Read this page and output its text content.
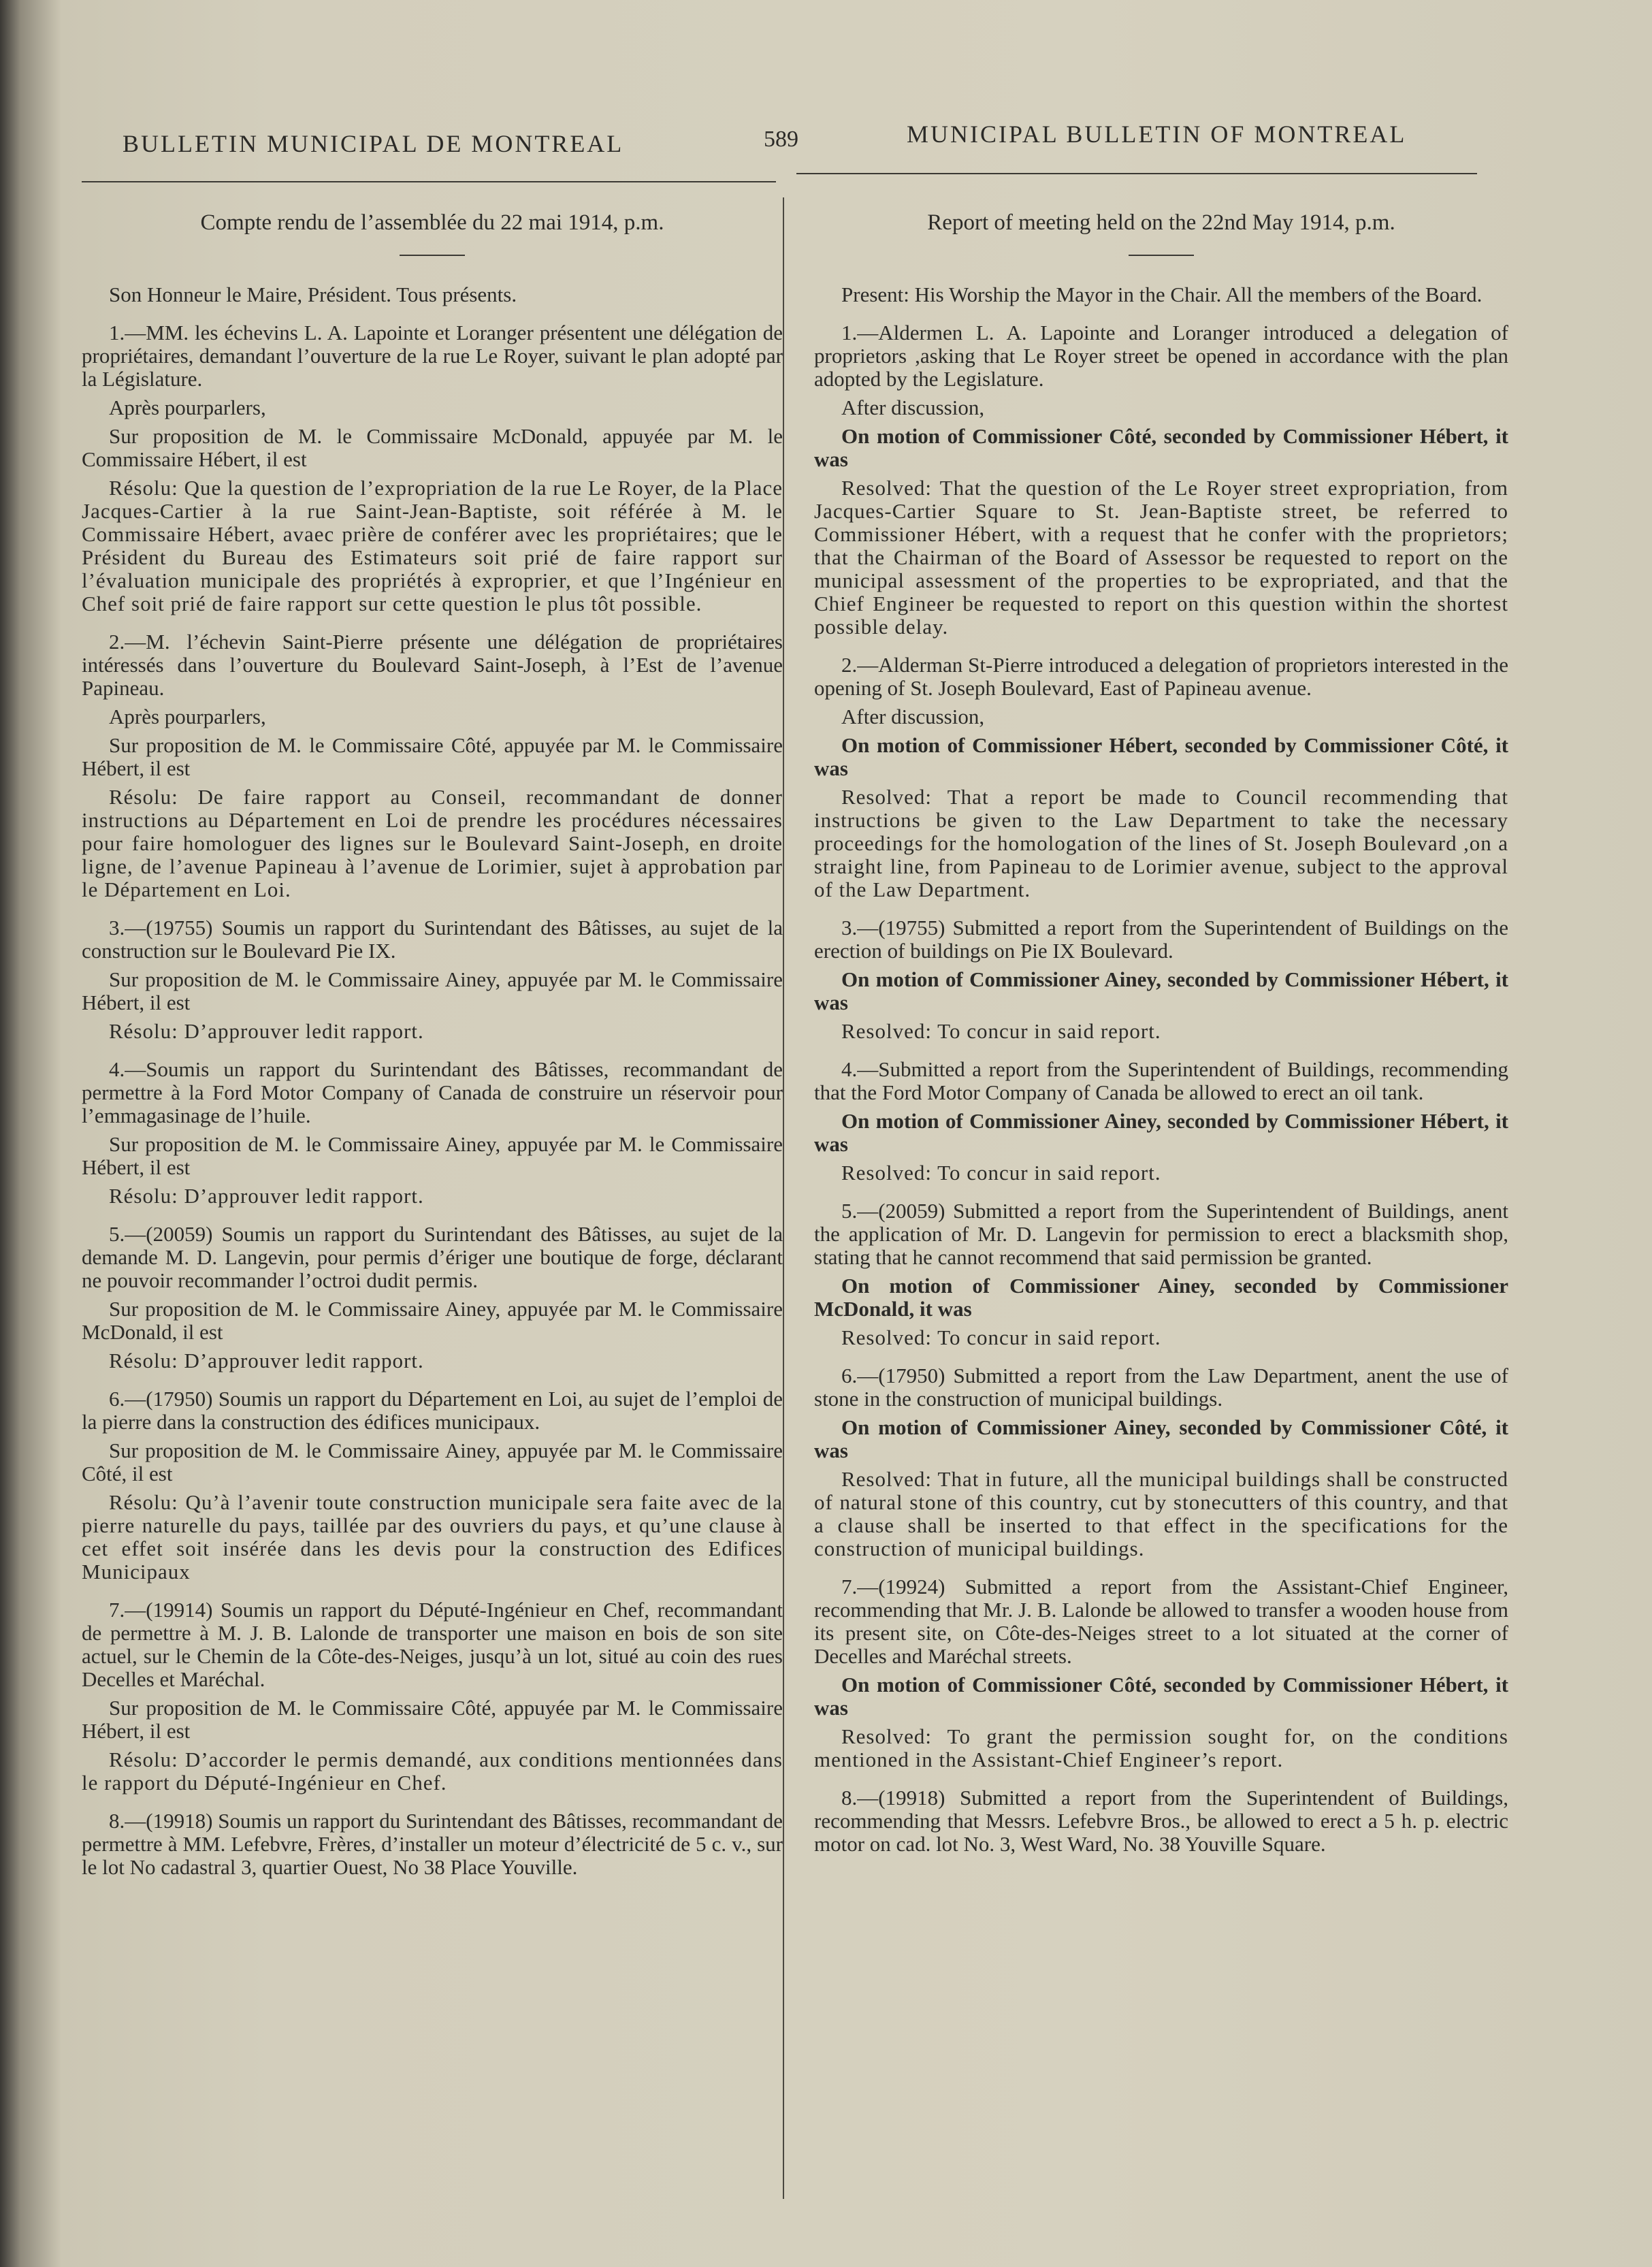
BULLETIN MUNICIPAL DE MONTREAL	589	MUNICIPAL BULLETIN OF MONTREAL
Compte rendu de l’assemblée du 22 mai 1914, p.m.

Son Honneur le Maire, Président. Tous présents.

1.—MM. les échevins L. A. Lapointe et Loranger présentent une délégation de propriétaires, demandant l’ouverture de la rue Le Royer, suivant le plan adopté par la Législature.

Après pourparlers,

Sur proposition de M. le Commissaire McDonald, appuyée par M. le Commissaire Hébert, il est

Résolu: Que la question de l’expropriation de la rue Le Royer, de la Place Jacques-Cartier à la rue Saint-Jean-Baptiste, soit référée à M. le Commissaire Hébert, avaec prière de conférer avec les propriétaires; que le Président du Bureau des Estimateurs soit prié de faire rapport sur l’évaluation municipale des propriétés à exproprier, et que l’Ingénieur en Chef soit prié de faire rapport sur cette question le plus tôt possible.

2.—M. l’échevin Saint-Pierre présente une délégation de propriétaires intéressés dans l’ouverture du Boulevard Saint-Joseph, à l’Est de l’avenue Papineau.

Après pourparlers,

Sur proposition de M. le Commissaire Côté, appuyée par M. le Commissaire Hébert, il est

Résolu: De faire rapport au Conseil, recommandant de donner instructions au Département en Loi de prendre les procédures nécessaires pour faire homologuer des lignes sur le Boulevard Saint-Joseph, en droite ligne, de l’avenue Papineau à l’avenue de Lorimier, sujet à approbation par le Département en Loi.

3.—(19755) Soumis un rapport du Surintendant des Bâtisses, au sujet de la construction sur le Boulevard Pie IX.

Sur proposition de M. le Commissaire Ainey, appuyée par M. le Commissaire Hébert, il est

Résolu: D’approuver ledit rapport.

4.—Soumis un rapport du Surintendant des Bâtisses, recommandant de permettre à la Ford Motor Company of Canada de construire un réservoir pour l’emmagasinage de l’huile.

Sur proposition de M. le Commissaire Ainey, appuyée par M. le Commissaire Hébert, il est

Résolu: D’approuver ledit rapport.

5.—(20059) Soumis un rapport du Surintendant des Bâtisses, au sujet de la demande M. D. Langevin, pour permis d’ériger une boutique de forge, déclarant ne pouvoir recommander l’octroi dudit permis.

Sur proposition de M. le Commissaire Ainey, appuyée par M. le Commissaire McDonald, il est

Résolu: D’approuver ledit rapport.

6.—(17950) Soumis un rapport du Département en Loi, au sujet de l’emploi de la pierre dans la construction des édifices municipaux.

Sur proposition de M. le Commissaire Ainey, appuyée par M. le Commissaire Côté, il est

Résolu: Qu’à l’avenir toute construction municipale sera faite avec de la pierre naturelle du pays, taillée par des ouvriers du pays, et qu’une clause à cet effet soit insérée dans les devis pour la construction des Edifices Municipaux

7.—(19914) Soumis un rapport du Député-Ingénieur en Chef, recommandant de permettre à M. J. B. Lalonde de transporter une maison en bois de son site actuel, sur le Chemin de la Côte-des-Neiges, jusqu’à un lot, situé au coin des rues Decelles et Maréchal.

Sur proposition de M. le Commissaire Côté, appuyée par M. le Commissaire Hébert, il est

Résolu: D’accorder le permis demandé, aux conditions mentionnées dans le rapport du Député-Ingénieur en Chef.

8.—(19918) Soumis un rapport du Surintendant des Bâtisses, recommandant de permettre à MM. Lefebvre, Frères, d’installer un moteur d’électricité de 5 c. v., sur le lot No cadastral 3, quartier Ouest, No 38 Place Youville.

Report of meeting held on the 22nd May 1914, p.m.

Present: His Worship the Mayor in the Chair. All the members of the Board.

1.—Aldermen L. A. Lapointe and Loranger introduced a delegation of proprietors ,asking that Le Royer street be opened in accordance with the plan adopted by the Legislature.

After discussion,

On motion of Commissioner Côté, seconded by Commissioner Hébert, it was

Resolved: That the question of the Le Royer street expropriation, from Jacques-Cartier Square to St. Jean-Baptiste street, be referred to Commissioner Hébert, with a request that he confer with the proprietors; that the Chairman of the Board of Assessor be requested to report on the municipal assessment of the properties to be expropriated, and that the Chief Engineer be requested to report on this question within the shortest possible delay.

2.—Alderman St-Pierre introduced a delegation of proprietors interested in the opening of St. Joseph Boulevard, East of Papineau avenue.

After discussion,

On motion of Commissioner Hébert, seconded by Commissioner Côté, it was

Resolved: That a report be made to Council recommending that instructions be given to the Law Department to take the necessary proceedings for the homologation of the lines of St. Joseph Boulevard ,on a straight line, from Papineau to de Lorimier avenue, subject to the approval of the Law Department.

3.—(19755) Submitted a report from the Superintendent of Buildings on the erection of buildings on Pie IX Boulevard.

On motion of Commissioner Ainey, seconded by Commissioner Hébert, it was

Resolved: To concur in said report.

4.—Submitted a report from the Superintendent of Buildings, recommending that the Ford Motor Company of Canada be allowed to erect an oil tank.

On motion of Commissioner Ainey, seconded by Commissioner Hébert, it was

Resolved: To concur in said report.

5.—(20059) Submitted a report from the Superintendent of Buildings, anent the application of Mr. D. Langevin for permission to erect a blacksmith shop, stating that he cannot recommend that said permission be granted.

On motion of Commissioner Ainey, seconded by Commissioner McDonald, it was

Resolved: To concur in said report.

6.—(17950) Submitted a report from the Law Department, anent the use of stone in the construction of municipal buildings.

On motion of Commissioner Ainey, seconded by Commissioner Côté, it was

Resolved: That in future, all the municipal buildings shall be constructed of natural stone of this country, cut by stonecutters of this country, and that a clause shall be inserted to that effect in the specifications for the construction of municipal buildings.

7.—(19924) Submitted a report from the Assistant-Chief Engineer, recommending that Mr. J. B. Lalonde be allowed to transfer a wooden house from its present site, on Côte-des-Neiges street to a lot situated at the corner of Decelles and Maréchal streets.

On motion of Commissioner Côté, seconded by Commissioner Hébert, it was

Resolved: To grant the permission sought for, on the conditions mentioned in the Assistant-Chief Engineer’s report.

8.—(19918) Submitted a report from the Superintendent of Buildings, recommending that Messrs. Lefebvre Bros., be allowed to erect a 5 h. p. electric motor on cad. lot No. 3, West Ward, No. 38 Youville Square.
